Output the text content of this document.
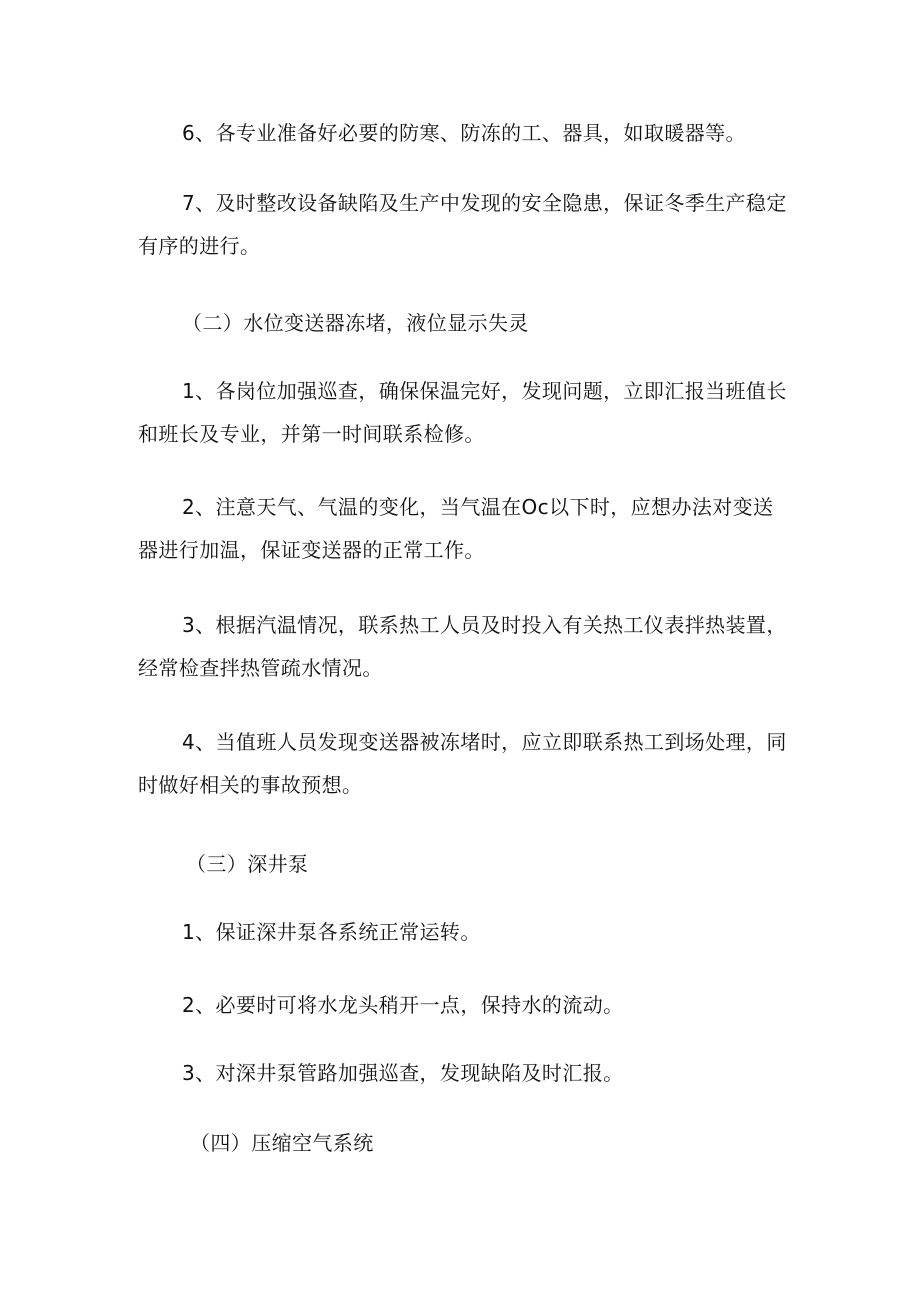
6、各专业准备好必要的防寒、防冻的工、器具，如取暖器等。
7、及时整改设备缺陷及生产中发现的安全隐患，保证冬季生产稳定有序的进行。
（二）水位变送器冻堵，液位显示失灵
1、各岗位加强巡查，确保保温完好，发现问题，立即汇报当班值长和班长及专业，并第一时间联系检修。
2、注意天气、气温的变化，当气温在Oc以下时，应想办法对变送器进行加温，保证变送器的正常工作。
3、根据汽温情况，联系热工人员及时投入有关热工仪表拌热装置，经常检查拌热管疏水情况。
4、当值班人员发现变送器被冻堵时，应立即联系热工到场处理，同时做好相关的事故预想。
（三）深井泵
1、保证深井泵各系统正常运转。
2、必要时可将水龙头稍开一点，保持水的流动。
3、对深井泵管路加强巡查，发现缺陷及时汇报。
（四）压缩空气系统
